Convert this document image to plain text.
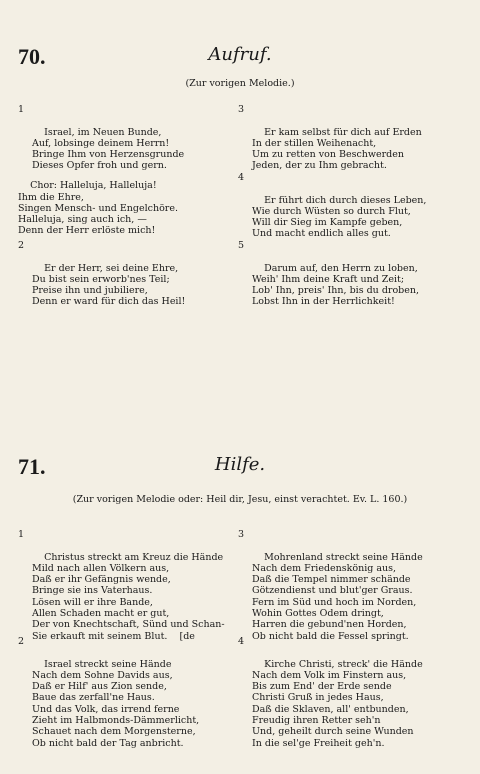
70.	Aufruf.
(Zur vorigen Melodie.)

1

Israel, im Neuen Bunde,
Auf, lobsinge deinem Herrn!
Bringe Ihm von Herzensgrunde
Dieses Opfer froh und gern.

Chor: Halleluja, Halleluja!
Ihm die Ehre,
Singen Mensch- und Engelchöre.
Halleluja, sing auch ich, —
Denn der Herr erlöste mich!

2

Er der Herr, sei deine Ehre,
Du bist sein erworb'nes Teil;
Preise ihn und jubiliere,
Denn er ward für dich das Heil!

3

Er kam selbst für dich auf Erden
In der stillen Weihenacht,
Um zu retten von Beschwerden
Jeden, der zu Ihm gebracht.

4

Er führt dich durch dieses Leben,
Wie durch Wüsten so durch Flut,
Will dir Sieg im Kampfe geben,
Und macht endlich alles gut.

5

Darum auf, den Herrn zu loben,
Weih' Ihm deine Kraft und Zeit;
Lob' Ihn, preis' Ihn, bis du droben,
Lobst Ihn in der Herrlichkeit!

71.	Hilfe.
(Zur vorigen Melodie oder: Heil dir, Jesu, einst verachtet. Ev. L. 160.)

1

Christus streckt am Kreuz die Hände
Mild nach allen Völkern aus,
Daß er ihr Gefängnis wende,
Bringe sie ins Vaterhaus.
Lösen will er ihre Bande,
Allen Schaden macht er gut,
Der von Knechtschaft, Sünd und Schan-
Sie erkauft mit seinem Blut.    [de

2

Israel streckt seine Hände
Nach dem Sohne Davids aus,
Daß er Hilf' aus Zion sende,
Baue das zerfall'ne Haus.
Und das Volk, das irrend ferne
Zieht im Halbmonds-Dämmerlicht,
Schauet nach dem Morgensterne,
Ob nicht bald der Tag anbricht.

3

Mohrenland streckt seine Hände
Nach dem Friedenskönig aus,
Daß die Tempel nimmer schände
Götzendienst und blut'ger Graus.
Fern im Süd und hoch im Norden,
Wohin Gottes Odem dringt,
Harren die gebund'nen Horden,
Ob nicht bald die Fessel springt.

4

Kirche Christi, streck' die Hände
Nach dem Volk im Finstern aus,
Bis zum End' der Erde sende
Christi Gruß in jedes Haus,
Daß die Sklaven, all' entbunden,
Freudig ihren Retter seh'n
Und, geheilt durch seine Wunden
In die sel'ge Freiheit geh'n.
